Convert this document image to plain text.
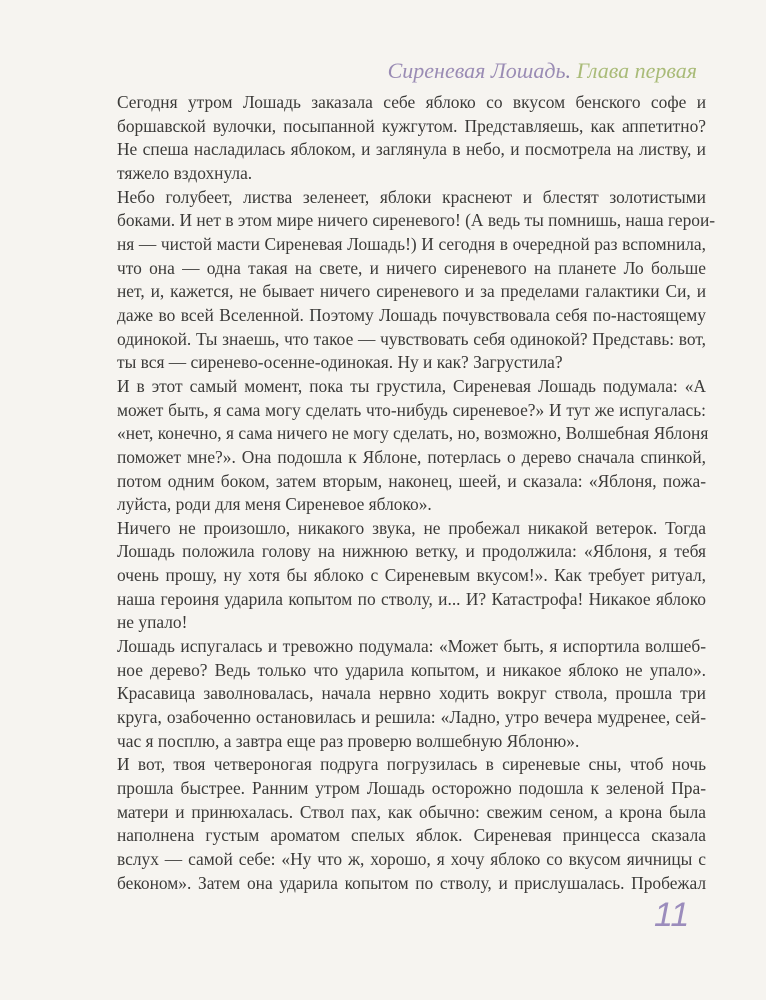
Сиреневая Лошадь. Глава первая
Сегодня утром Лошадь заказала себе яблоко со вкусом бенского софе и
боршавской вулочки, посыпанной кужгутом. Представляешь, как аппетитно?
Не спеша насладилась яблоком, и заглянула в небо, и посмотрела на листву, и
тяжело вздохнула.
Небо голубеет, листва зеленеет, яблоки краснеют и блестят золотистыми
боками. И нет в этом мире ничего сиреневого! (А ведь ты помнишь, наша герои-
ня — чистой масти Сиреневая Лошадь!) И сегодня в очередной раз вспомнила,
что она — одна такая на свете, и ничего сиреневого на планете Ло больше
нет, и, кажется, не бывает ничего сиреневого и за пределами галактики Си, и
даже во всей Вселенной. Поэтому Лошадь почувствовала себя по-настоящему
одинокой. Ты знаешь, что такое — чувствовать себя одинокой? Представь: вот,
ты вся — сиренево-осенне-одинокая. Ну и как? Загрустила?
И в этот самый момент, пока ты грустила, Сиреневая Лошадь подумала: «А
может быть, я сама могу сделать что-нибудь сиреневое?» И тут же испугалась:
«нет, конечно, я сама ничего не могу сделать, но, возможно, Волшебная Яблоня
поможет мне?». Она подошла к Яблоне, потерлась о дерево сначала спинкой,
потом одним боком, затем вторым, наконец, шеей, и сказала: «Яблоня, пожа-
луйста, роди для меня Сиреневое яблоко».
Ничего не произошло, никакого звука, не пробежал никакой ветерок. Тогда
Лошадь положила голову на нижнюю ветку, и продолжила: «Яблоня, я тебя
очень прошу, ну хотя бы яблоко с Сиреневым вкусом!». Как требует ритуал,
наша героиня ударила копытом по стволу, и... И? Катастрофа! Никакое яблоко
не упало!
Лошадь испугалась и тревожно подумала: «Может быть, я испортила волшеб-
ное дерево? Ведь только что ударила копытом, и никакое яблоко не упало».
Красавица заволновалась, начала нервно ходить вокруг ствола, прошла три
круга, озабоченно остановилась и решила: «Ладно, утро вечера мудренее, сей-
час я посплю, а завтра еще раз проверю волшебную Яблоню».
И вот, твоя четвероногая подруга погрузилась в сиреневые сны, чтоб ночь
прошла быстрее. Ранним утром Лошадь осторожно подошла к зеленой Пра-
матери и принюхалась. Ствол пах, как обычно: свежим сеном, а крона была
наполнена густым ароматом спелых яблок. Сиреневая принцесса сказала
вслух — самой себе: «Ну что ж, хорошо, я хочу яблоко со вкусом яичницы с
беконом». Затем она ударила копытом по стволу, и прислушалась. Пробежал
11
